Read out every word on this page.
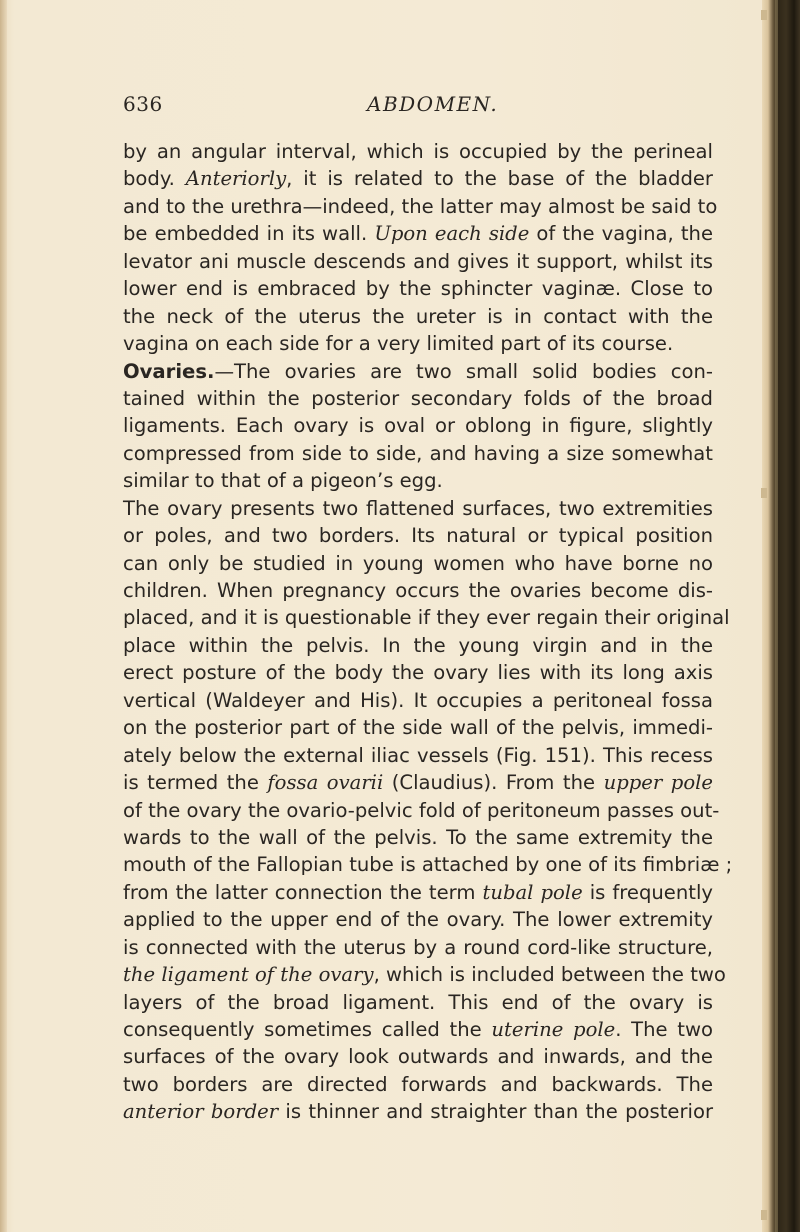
636	ABDOMEN.
by an angular interval, which is occupied by the perineal
body. Anteriorly, it is related to the base of the bladder
and to the urethra—indeed, the latter may almost be said to
be embedded in its wall. Upon each side of the vagina, the
levator ani muscle descends and gives it support, whilst its
lower end is embraced by the sphincter vaginæ. Close to
the neck of the uterus the ureter is in contact with the
vagina on each side for a very limited part of its course.
Ovaries.—The ovaries are two small solid bodies con-
tained within the posterior secondary folds of the broad
ligaments. Each ovary is oval or oblong in figure, slightly
compressed from side to side, and having a size somewhat
similar to that of a pigeon’s egg.
The ovary presents two flattened surfaces, two extremities
or poles, and two borders. Its natural or typical position
can only be studied in young women who have borne no
children. When pregnancy occurs the ovaries become dis-
placed, and it is questionable if they ever regain their original
place within the pelvis. In the young virgin and in the
erect posture of the body the ovary lies with its long axis
vertical (Waldeyer and His). It occupies a peritoneal fossa
on the posterior part of the side wall of the pelvis, immedi-
ately below the external iliac vessels (Fig. 151). This recess
is termed the fossa ovarii (Claudius). From the upper pole
of the ovary the ovario-pelvic fold of peritoneum passes out-
wards to the wall of the pelvis. To the same extremity the
mouth of the Fallopian tube is attached by one of its fimbriæ ;
from the latter connection the term tubal pole is frequently
applied to the upper end of the ovary. The lower extremity
is connected with the uterus by a round cord-like structure,
the ligament of the ovary, which is included between the two
layers of the broad ligament. This end of the ovary is
consequently sometimes called the uterine pole. The two
surfaces of the ovary look outwards and inwards, and the
two borders are directed forwards and backwards. The
anterior border is thinner and straighter than the posterior
